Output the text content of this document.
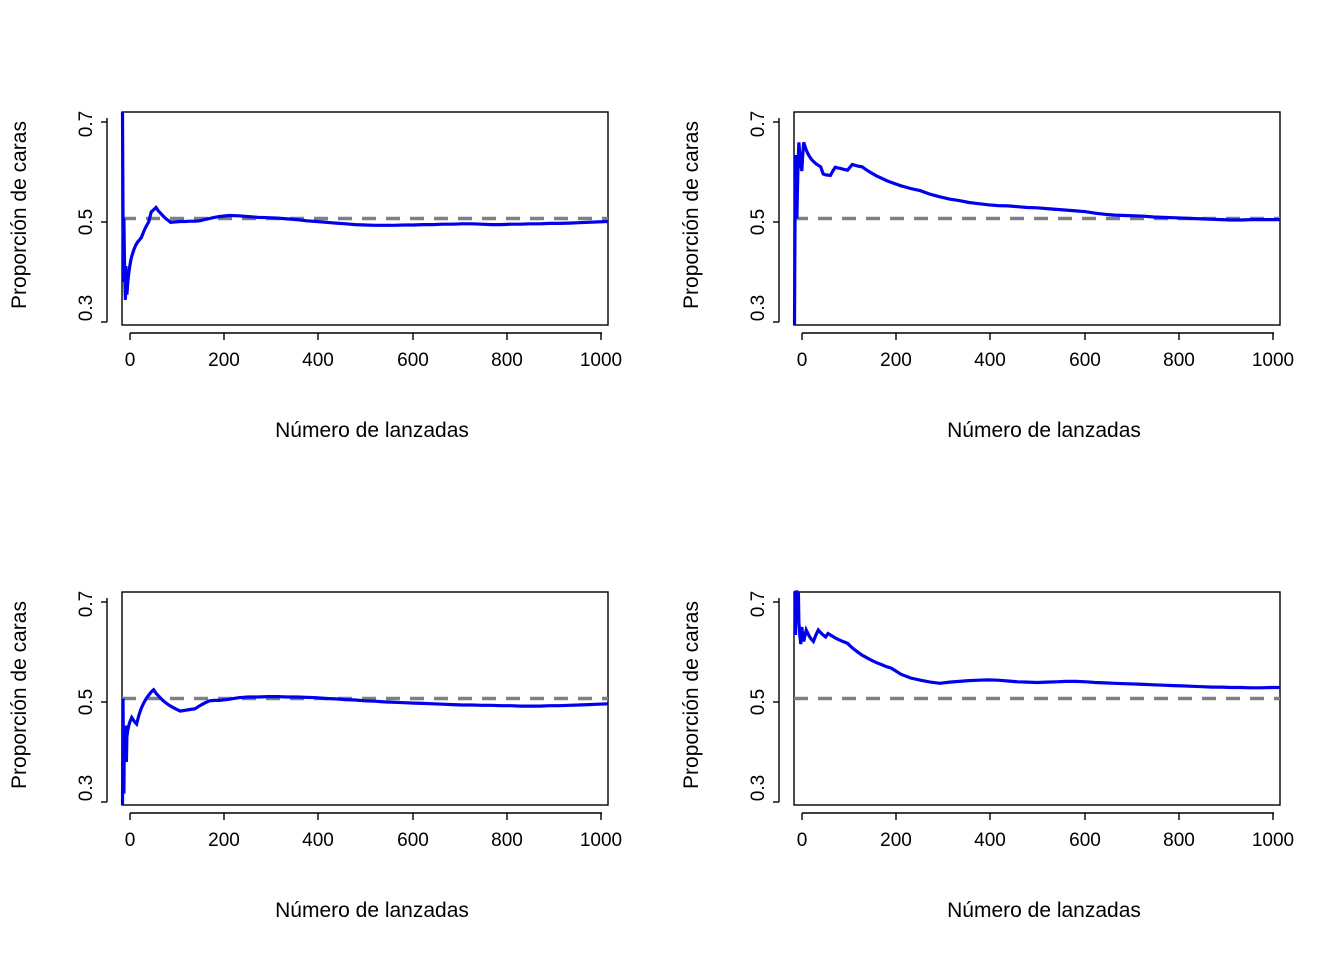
Proporción de caras 0.3
0.5
0.7
0	200	400	600	800	1000
Número de lanzadas
Proporción de caras 0.3
0.5
0.7
0	200	400	600	800	1000
Número de lanzadas
Proporción de caras 0.3
0.5
0.7
0	200	400	600	800	1000
Número de lanzadas
Proporción de caras 0.3
0.5
0.7
0	200	400	600	800	1000
Número de lanzadas
